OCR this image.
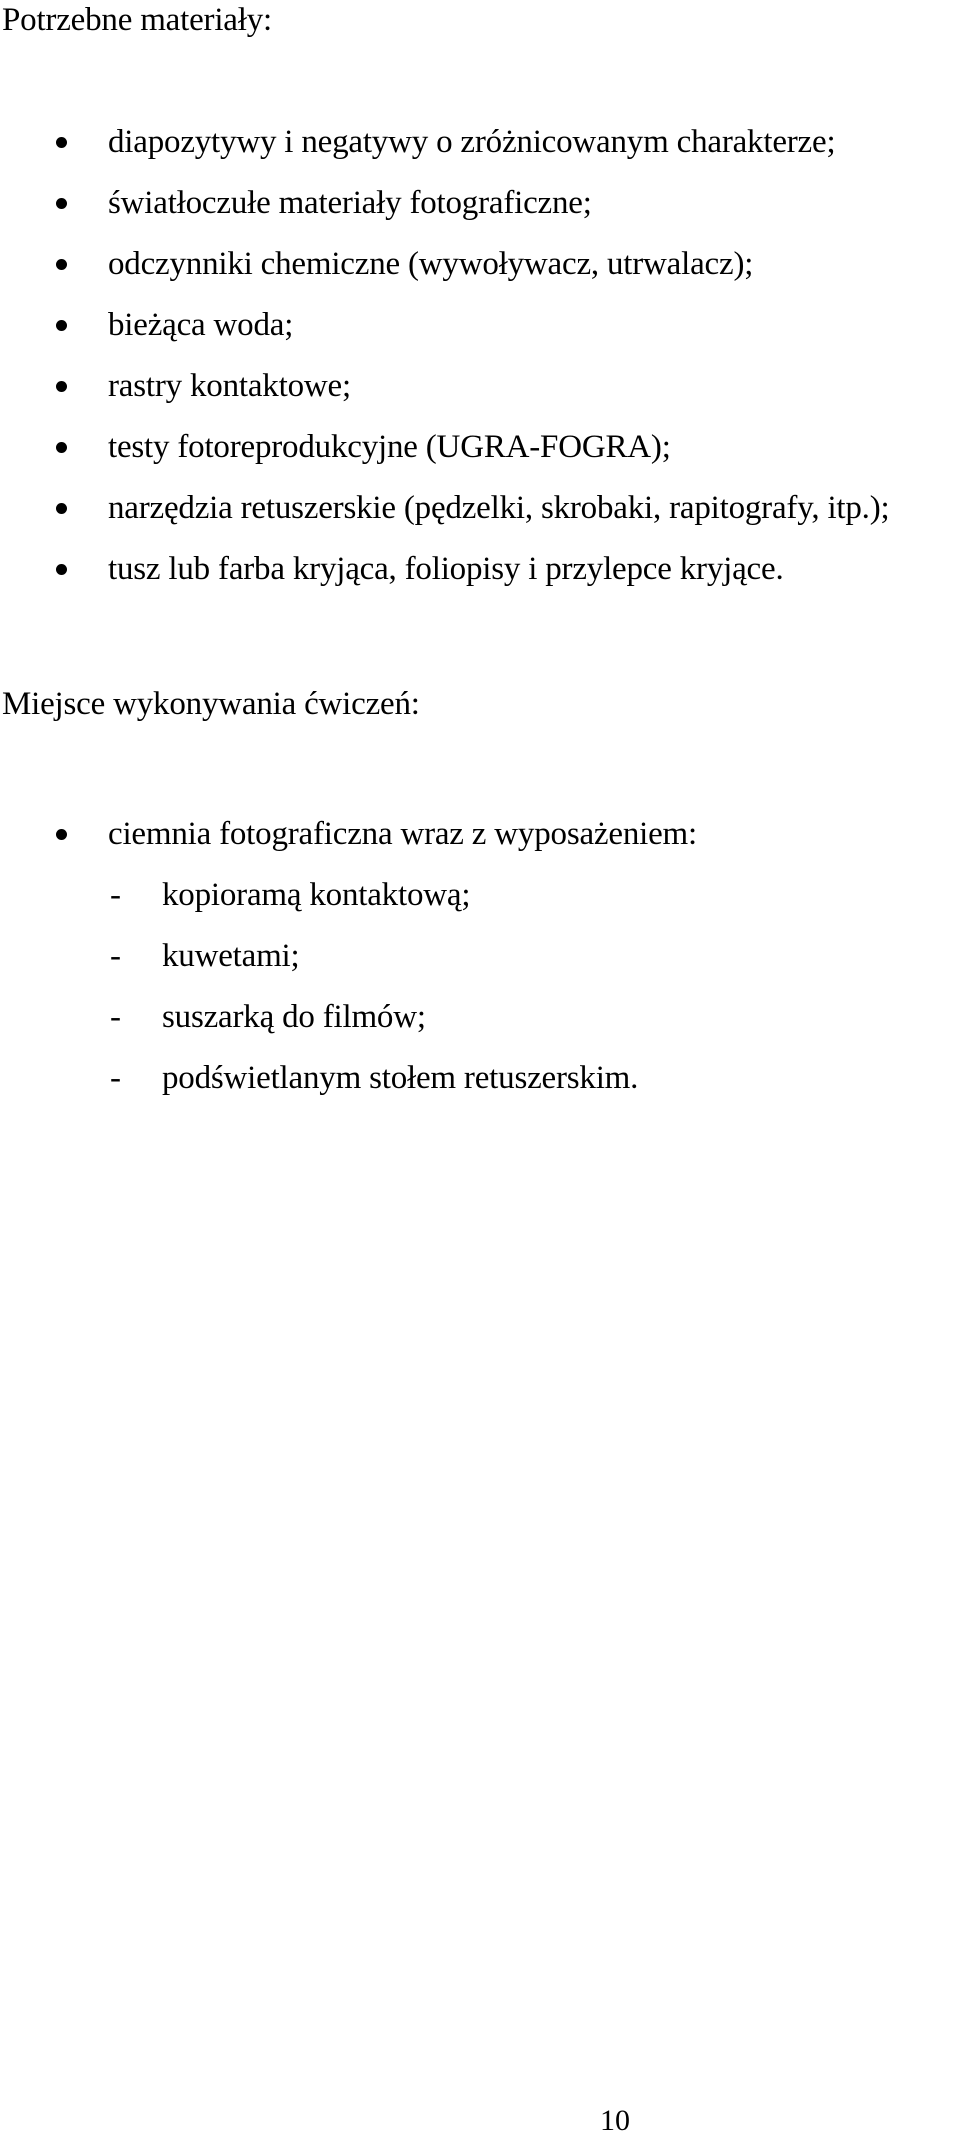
Potrzebne materiały:
diapozytywy i negatywy o zróżnicowanym charakterze;
światłoczułe materiały fotograficzne;
odczynniki chemiczne (wywoływacz, utrwalacz);
bieżąca woda;
rastry kontaktowe;
testy fotoreprodukcyjne (UGRA-FOGRA);
narzędzia retuszerskie (pędzelki, skrobaki, rapitografy, itp.);
tusz lub farba kryjąca, foliopisy i przylepce kryjące.
Miejsce wykonywania ćwiczeń:
ciemnia fotograficzna wraz z wyposażeniem:
- kopioramą kontaktową;
- kuwetami;
- suszarką do filmów;
- podświetlanym stołem retuszerskim.
10
